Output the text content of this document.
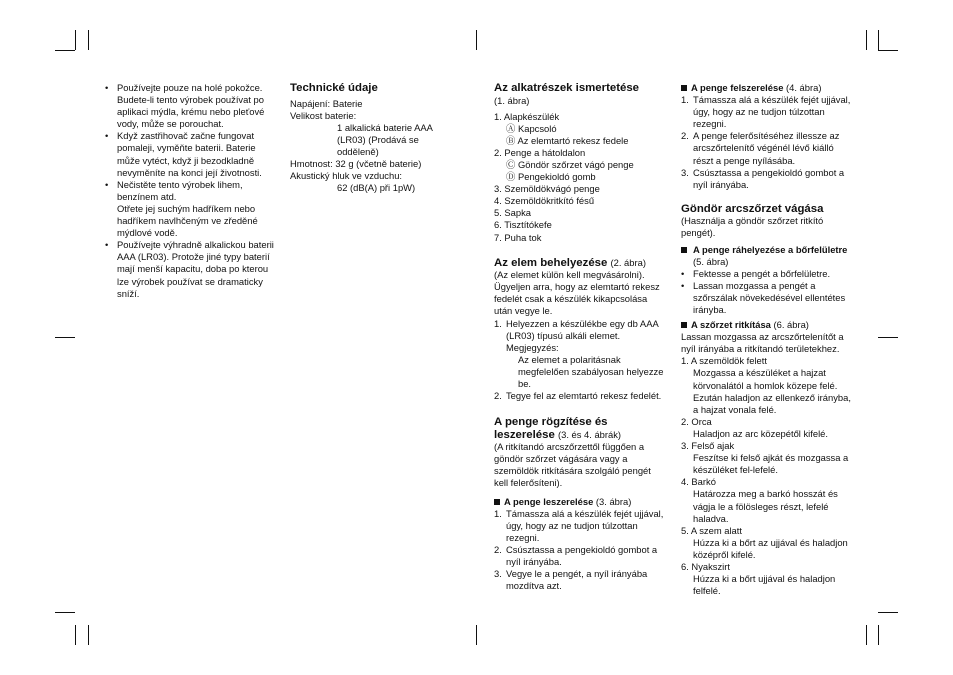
• Používejte pouze na holé pokožce. Budete-li tento výrobek používat po aplikaci mýdla, krému nebo pleťové vody, může se porouchat.
• Když zastřihovač začne fungovat pomaleji, vyměňte baterii. Baterie může vytéct, když ji bezodkladně nevyměníte na konci její životnosti.
• Nečistěte tento výrobek lihem, benzínem atd.
Otřete jej suchým hadříkem nebo hadříkem navlhčeným ve zředěné mýdlové vodě.
• Používejte výhradně alkalickou baterii AAA (LR03). Protože jiné typy baterií mají menší kapacitu, doba po kterou lze výrobek používat se dramaticky sníží.
Technické údaje
Napájení: Baterie
Velikost baterie:
1 alkalická baterie AAA (LR03) (Prodává se odděleně)
Hmotnost: 32 g (včetně baterie)
Akustický hluk ve vzduchu:
62 (dB(A) při 1pW)
Az alkatrészek ismertetése
(1. ábra)
1. Alapkészülék
Ⓐ Kapcsoló
Ⓑ Az elemtartó rekesz fedele
2. Penge a hátoldalon
Ⓒ Göndör szőrzet vágó penge
Ⓓ Pengekioldó gomb
3. Szemöldökvágó penge
4. Szemöldökritkító fésű
5. Sapka
6. Tisztítókefe
7. Puha tok
Az elem behelyezése (2. ábra)
(Az elemet külön kell megvásárolni).
Ügyeljen arra, hogy az elemtartó rekesz fedelét csak a készülék kikapcsolása után vegye le.
1. Helyezzen a készülékbe egy db AAA (LR03) típusú alkáli elemet.
Megjegyzés:
Az elemet a polaritásnak megfelelően szabályosan helyezze be.
2. Tegye fel az elemtartó rekesz fedelét.
A penge rögzítése és leszerelése (3. és 4. ábrák)
(A ritkítandó arcszőrzettől függően a göndör szőrzet vágására vagy a szemöldök ritkítására szolgáló pengét kell felerősíteni).
A penge leszerelése (3. ábra)
1. Támassza alá a készülék fejét ujjával, úgy, hogy az ne tudjon túlzottan rezegni.
2. Csúsztassa a pengekioldó gombot a nyíl irányába.
3. Vegye le a pengét, a nyíl irányába mozdítva azt.
A penge felszerelése (4. ábra)
1. Támassza alá a készülék fejét ujjával, úgy, hogy az ne tudjon túlzottan rezegni.
2. A penge felerősítéséhez illessze az arcszőrtelenítő végénél lévő kiálló részt a penge nyílásába.
3. Csúsztassa a pengekioldó gombot a nyíl irányába.
Göndör arcszőrzet vágása
(Használja a göndör szőrzet ritkító pengét).
A penge ráhelyezése a bőrfelületre (5. ábra)
• Fektesse a pengét a bőrfelületre.
• Lassan mozgassa a pengét a szőrszálak növekedésével ellentétes irányba.
A szőrzet ritkítása (6. ábra)
Lassan mozgassa az arcszőrtelenítőt a nyíl irányába a ritkítandó területekhez.
1. A szemöldök felett
Mozgassa a készüléket a hajzat körvonalától a homlok közepe felé. Ezután haladjon az ellenkező irányba, a hajzat vonala felé.
2. Orca
Haladjon az arc közepétől kifelé.
3. Felső ajak
Feszítse ki felső ajkát és mozgassa a készüléket fel-lefelé.
4. Barkó
Határozza meg a barkó hosszát és vágja le a fölösleges részt, lefelé haladva.
5. A szem alatt
Húzza ki a bőrt az ujjával és haladjon középről kifelé.
6. Nyakszirt
Húzza ki a bőrt ujjával és haladjon felfelé.
